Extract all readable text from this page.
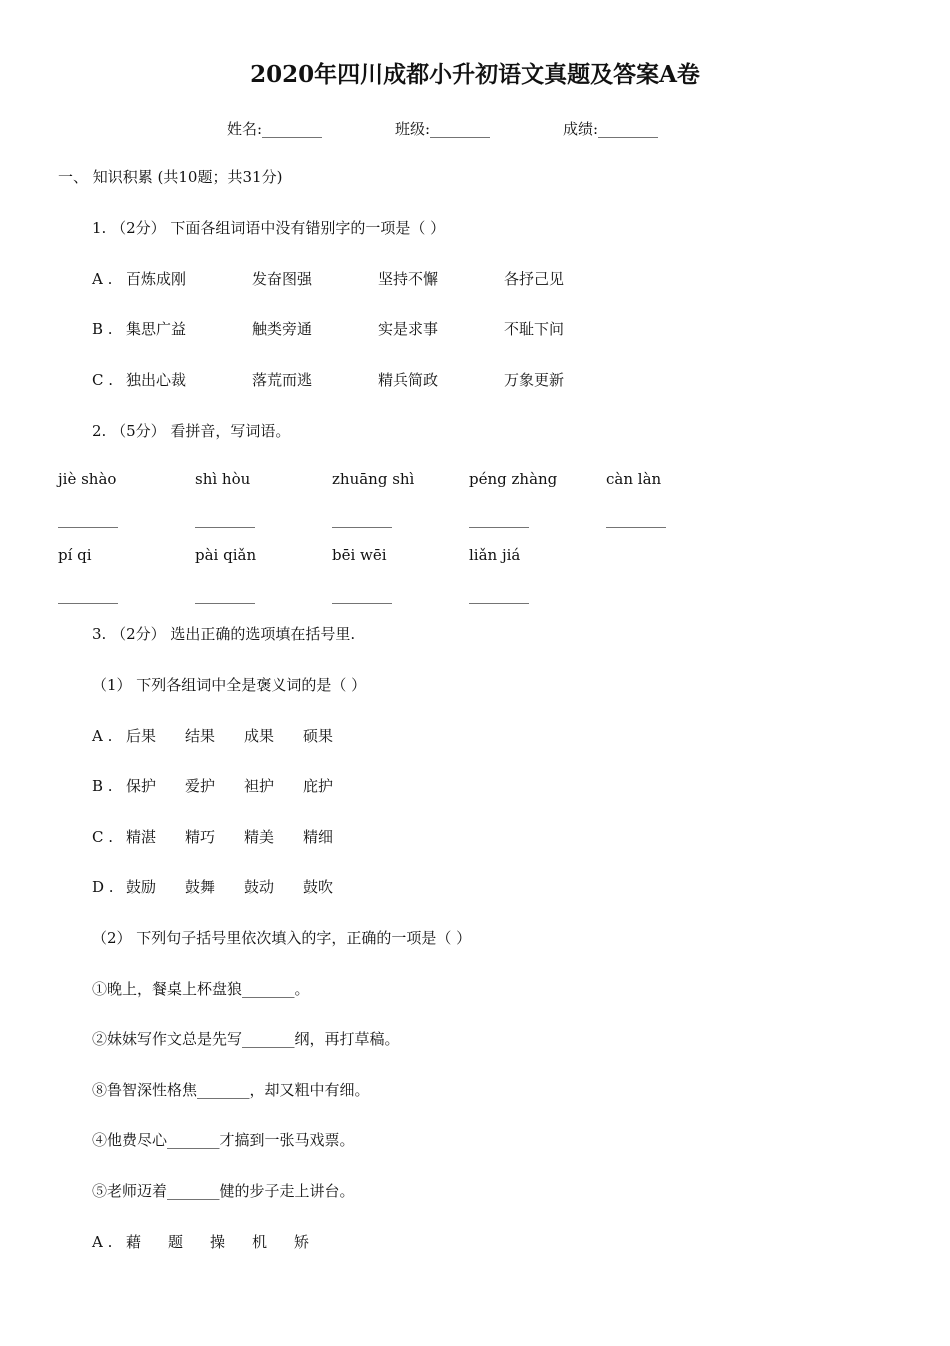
2020年四川成都小升初语文真题及答案A卷
姓名:________	班级:________	成绩:________
一、 知识积累 (共10题；共31分)
1. （2分） 下面各组词语中没有错别字的一项是（ ）
A .百炼成刚	发奋图强	坚持不懈	各抒己见
B .集思广益	触类旁通	实是求事	不耻下问
C .独出心裁	落荒而逃	精兵简政	万象更新
2. （5分） 看拼音，写词语。
jiè shào	shì hòu	zhuāng shì	péng zhàng	càn làn
________	________	________	________	________
pí qi	pài qiǎn	bēi wēi	liǎn jiá
________	________	________	________
3. （2分） 选出正确的选项填在括号里.
（1） 下列各组词中全是褒义词的是（ ）
A .后果 结果 成果 硕果
B .保护 爱护 袒护 庇护
C .精湛 精巧 精美 精细
D .鼓励 鼓舞 鼓动 鼓吹
（2） 下列句子括号里依次填入的字，正确的一项是（ ）
①晚上，餐桌上杯盘狼_______。
②妹妹写作文总是先写_______纲，再打草稿。
⑧鲁智深性格焦_______，却又粗中有细。
④他费尽心_______才搞到一张马戏票。
⑤老师迈着_______健的步子走上讲台。
A .藉 题 操 机 矫
